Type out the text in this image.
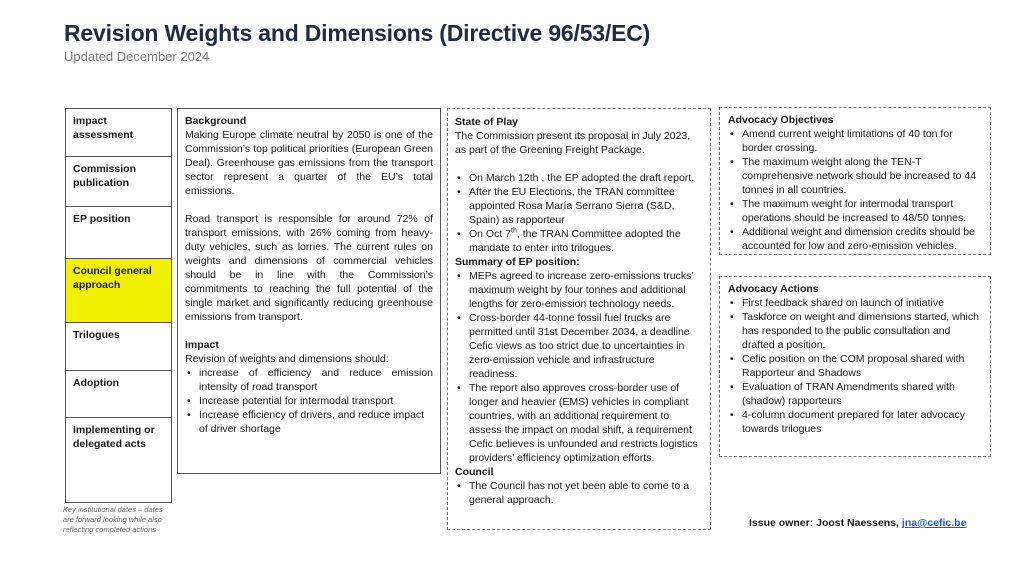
Revision Weights and Dimensions (Directive 96/53/EC)
Updated December 2024
Impact assessment
Commission publication
EP position
Council general approach
Trilogues
Adoption
Implementing or delegated acts
Key institutional dates – dates are forward looking while also reflecting completed actions

Background

Making Europe climate neutral by 2050 is one of the Commission’s top political priorities (European Green Deal). Greenhouse gas emissions from the transport sector represent a quarter of the EU’s total emissions.

Road transport is responsible for around 72% of transport emissions, with 26% coming from heavy-duty vehicles, such as lorries. The current rules on weights and dimensions of commercial vehicles should be in line with the Commission’s commitments to reaching the full potential of the single market and significantly reducing greenhouse emissions from transport.

Impact

Revision of weights and dimensions should:

• increase of efficiency and reduce emission intensity of road transport
• Increase potential for intermodal transport
• Increase efficiency of drivers, and reduce impact of driver shortage

State of Play

The Commission present its proposal in July 2023, as part of the Greening Freight Package.

• On March 12th , the EP adopted the draft report.
• After the EU Elections, the TRAN committee appointed Rosa María Serrano Sierra (S&D, Spain) as rapporteur
• On Oct 7th, the TRAN Committee adopted the mandate to enter into trilogues.

Summary of EP position:

• MEPs agreed to increase zero-emissions trucks’ maximum weight by four tonnes and additional lengths for zero-emission technology needs.
• Cross-border 44-tonne fossil fuel trucks are permitted until 31st December 2034, a deadline Cefic views as too strict due to uncertainties in zero-emission vehicle and infrastructure readiness.
• The report also approves cross-border use of longer and heavier (EMS) vehicles in compliant countries, with an additional requirement to assess the impact on modal shift, a requirement Cefic believes is unfounded and restricts logistics providers’ efficiency optimization efforts.

Council

• The Council has not yet been able to come to a general approach.

Advocacy Objectives

• Amend current weight limitations of 40 ton for border crossing.
• The maximum weight along the TEN-T comprehensive network should be increased to 44 tonnes in all countries.
• The maximum weight for intermodal transport operations should be increased to 48/50 tonnes.
• Additional weight and dimension credits should be accounted for low and zero-emission vehicles.

Advocacy Actions

• First feedback shared on launch of initiative
• Taskforce on weight and dimensions started, which has responded to the public consultation and drafted a position.
• Cefic position on the COM proposal shared with Rapporteur and Shadows
• Evaluation of TRAN Amendments shared with (shadow) rapporteurs
• 4-column document prepared for later advocacy towards trilogues
Issue owner: Joost Naessens, jna@cefic.be
